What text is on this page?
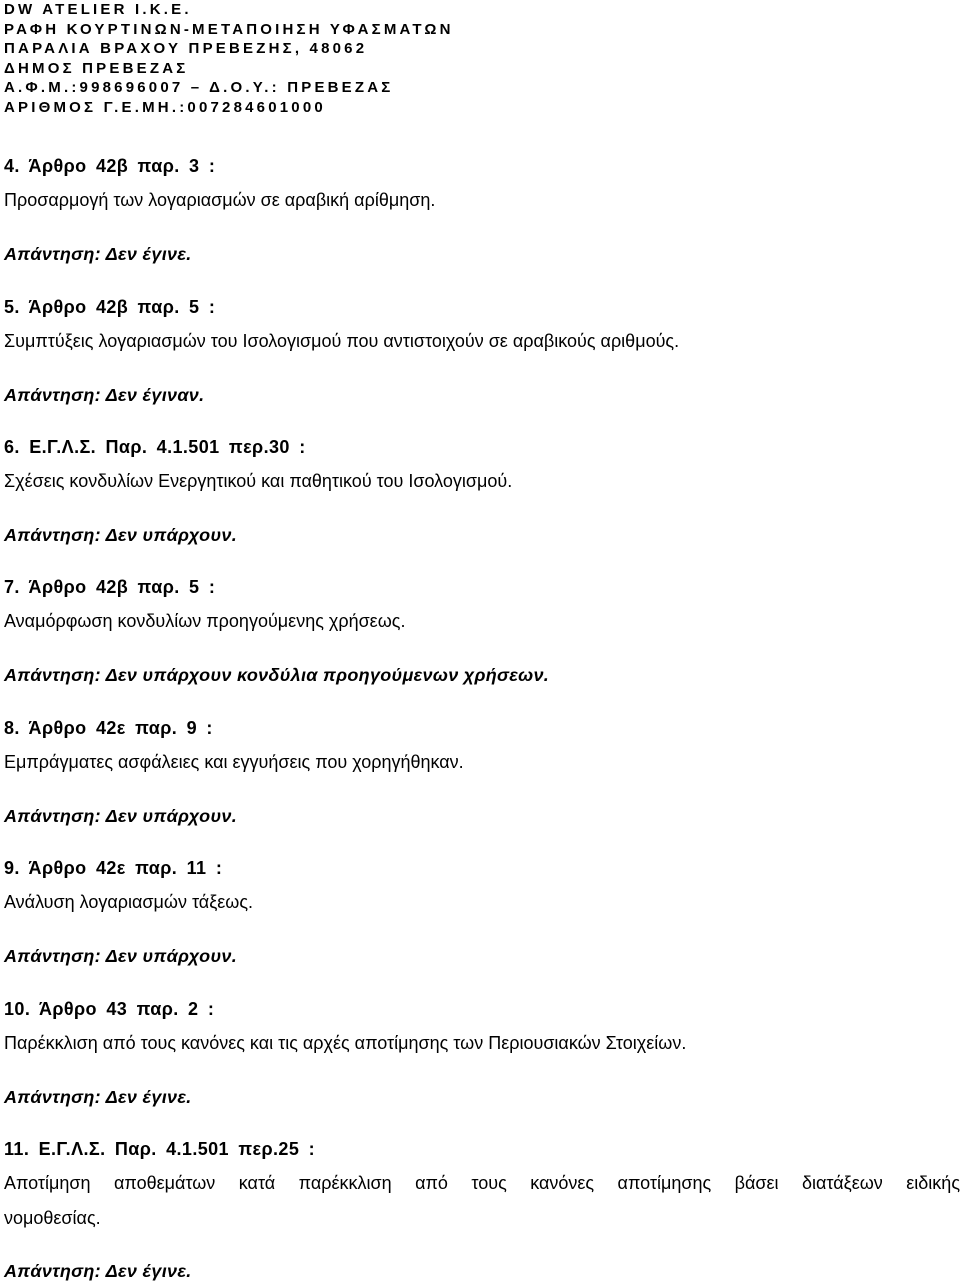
DW ATELIER I.K.E.
ΡΑΦΗ ΚΟΥΡΤΙΝΩΝ-ΜΕΤΑΠΟΙΗΣΗ ΥΦΑΣΜΑΤΩΝ
ΠΑΡΑΛΙΑ ΒΡΑΧΟΥ ΠΡΕΒΕΖΗΣ, 48062
ΔΗΜΟΣ ΠΡΕΒΕΖΑΣ
Α.Φ.Μ.:998696007 – Δ.Ο.Υ.: ΠΡΕΒΕΖΑΣ
ΑΡΙΘΜΟΣ Γ.Ε.ΜΗ.:007284601000
4. Άρθρο 42β παρ. 3 :
Προσαρμογή των λογαριασμών σε αραβική αρίθμηση.
Απάντηση: Δεν έγινε.
5. Άρθρο 42β παρ. 5 :
Συμπτύξεις λογαριασμών του Ισολογισμού που αντιστοιχούν σε αραβικούς αριθμούς.
Απάντηση: Δεν έγιναν.
6. Ε.Γ.Λ.Σ. Παρ. 4.1.501 περ.30 :
Σχέσεις κονδυλίων Ενεργητικού και παθητικού του Ισολογισμού.
Απάντηση: Δεν υπάρχουν.
7. Άρθρο 42β παρ. 5 :
Αναμόρφωση κονδυλίων προηγούμενης χρήσεως.
Απάντηση: Δεν υπάρχουν κονδύλια προηγούμενων χρήσεων.
8. Άρθρο 42ε παρ. 9 :
Εμπράγματες ασφάλειες και εγγυήσεις που χορηγήθηκαν.
Απάντηση: Δεν υπάρχουν.
9. Άρθρο 42ε παρ. 11 :
Ανάλυση λογαριασμών τάξεως.
Απάντηση: Δεν υπάρχουν.
10. Άρθρο 43 παρ. 2 :
Παρέκκλιση από τους κανόνες και τις αρχές αποτίμησης των Περιουσιακών Στοιχείων.
Απάντηση: Δεν έγινε.
11. Ε.Γ.Λ.Σ. Παρ. 4.1.501 περ.25 :
Αποτίμηση αποθεμάτων κατά παρέκκλιση από τους κανόνες αποτίμησης βάσει διατάξεων ειδικής
νομοθεσίας.
Απάντηση: Δεν έγινε.
